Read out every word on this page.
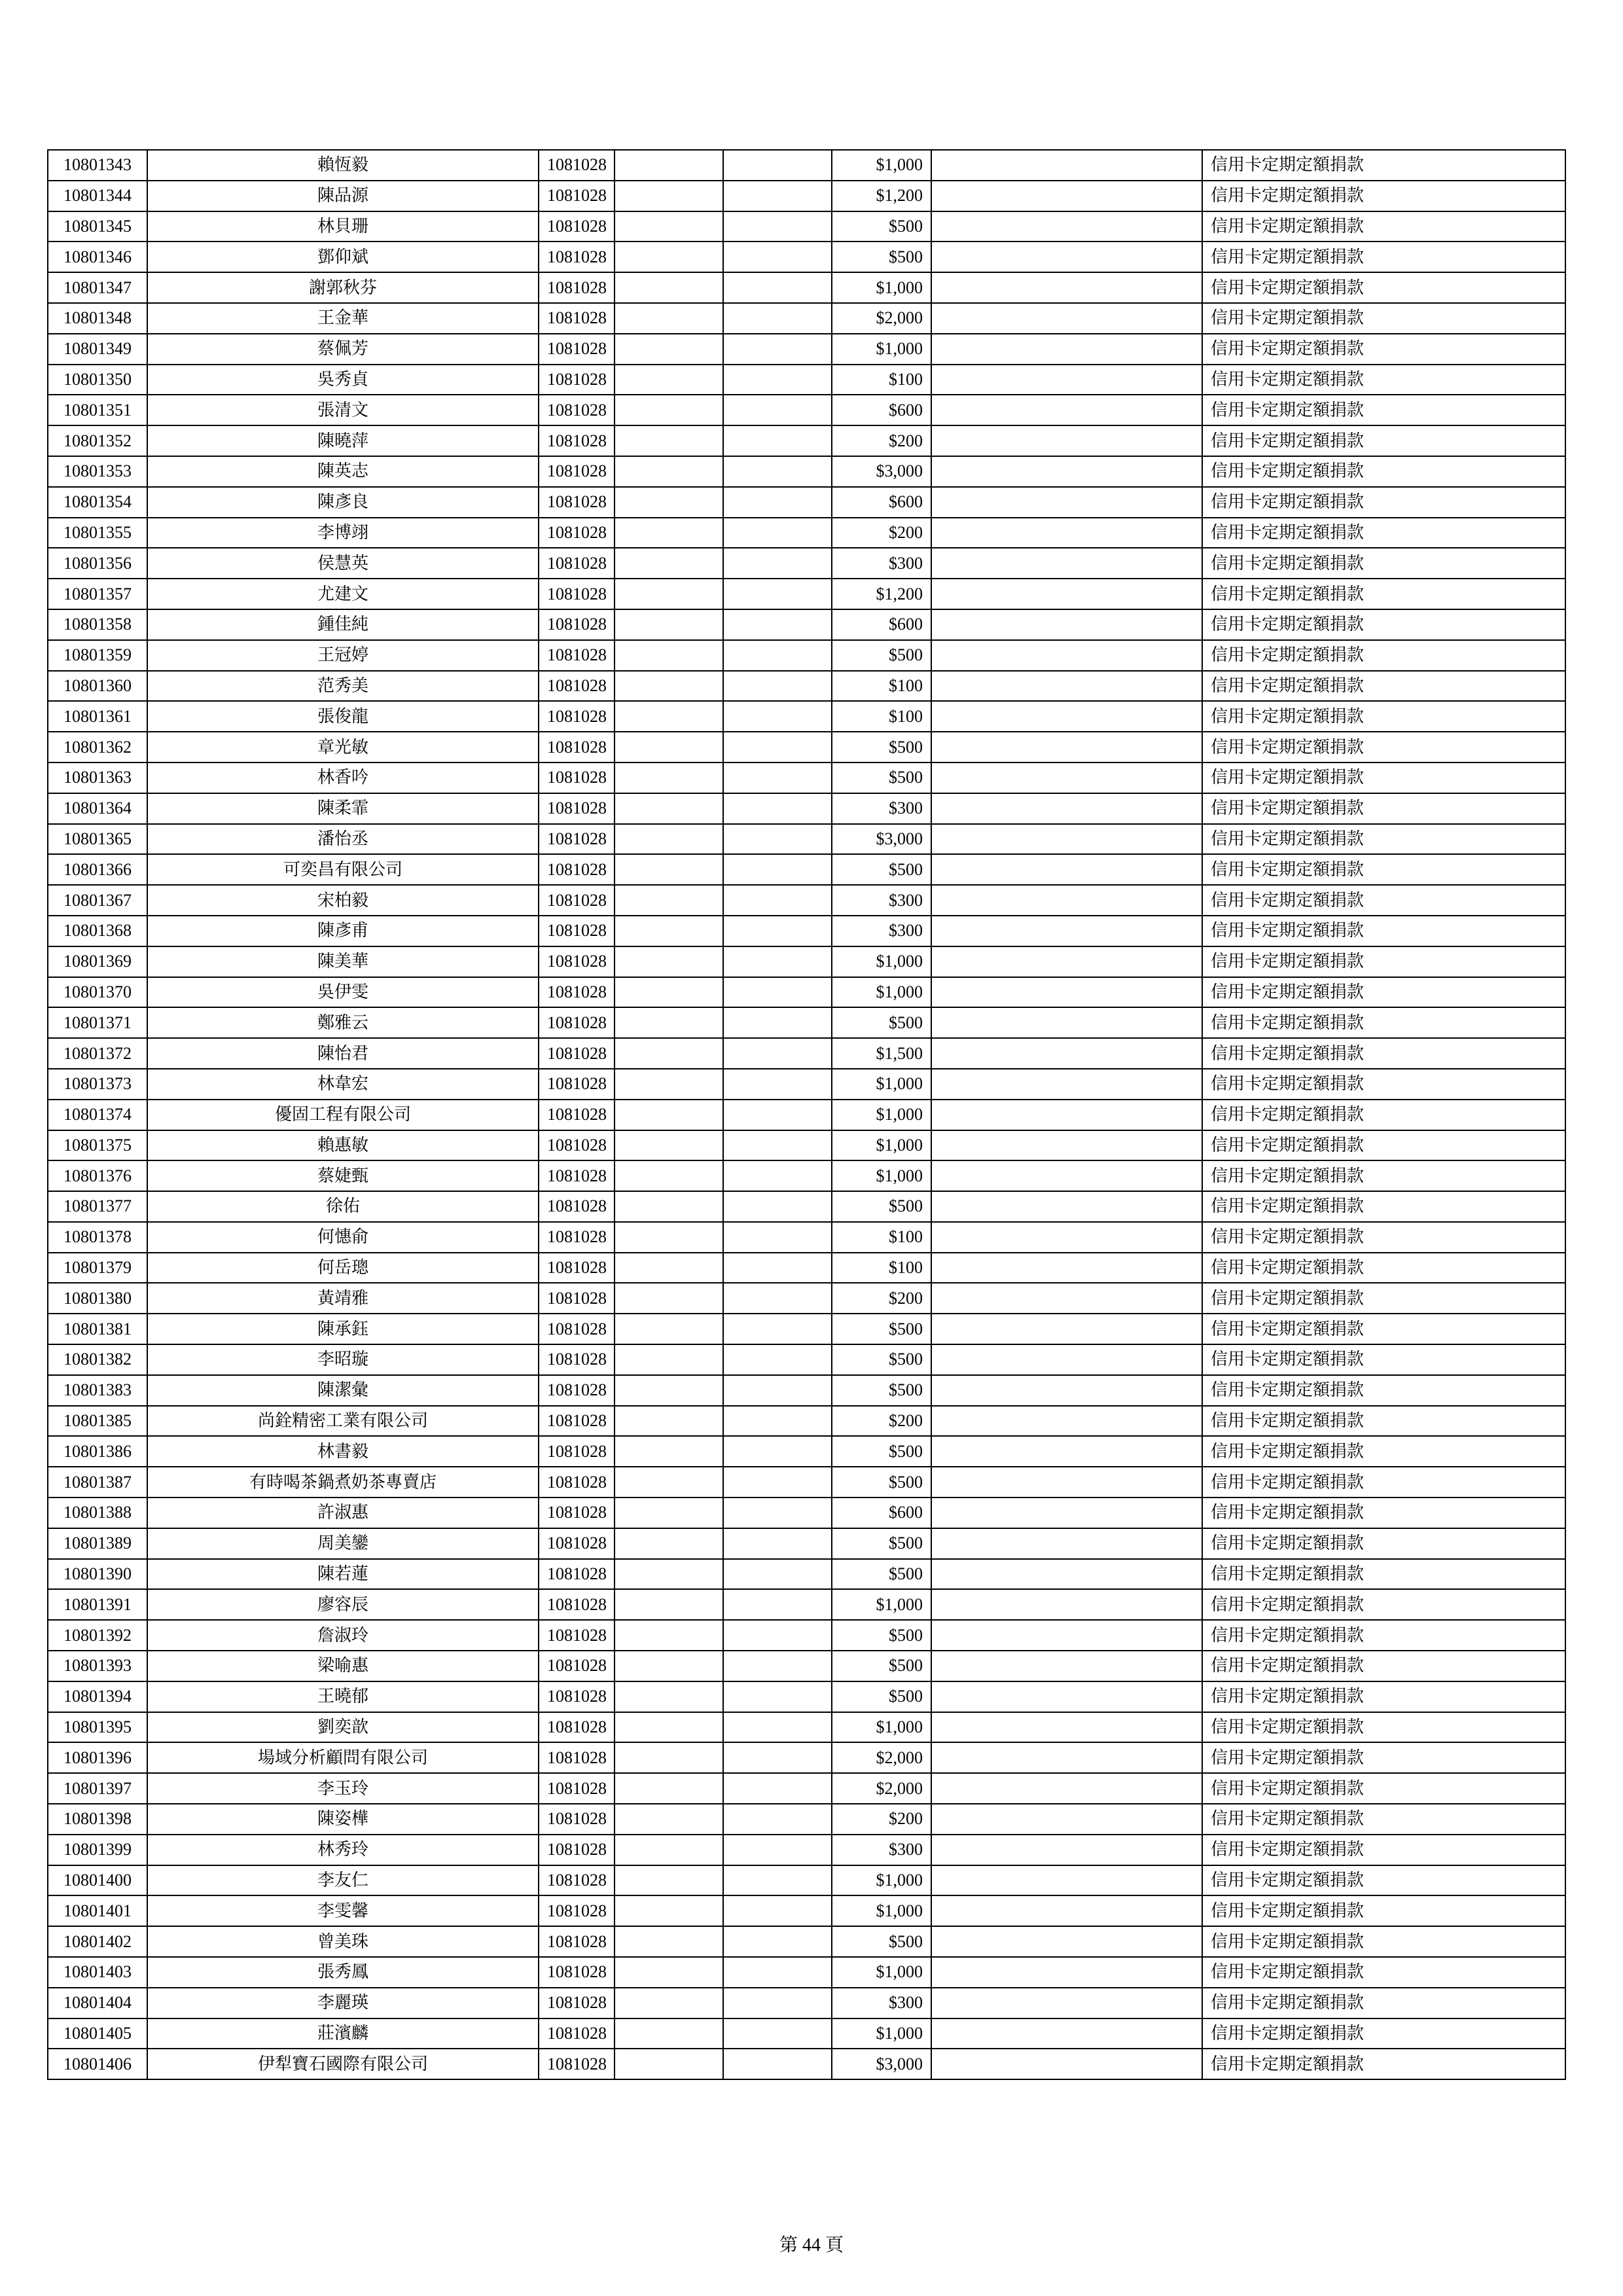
10801343	賴恆毅	1081028			$1,000		信用卡定期定額捐款
10801344	陳品源	1081028			$1,200		信用卡定期定額捐款
10801345	林貝珊	1081028			$500		信用卡定期定額捐款
10801346	鄧仰斌	1081028			$500		信用卡定期定額捐款
10801347	謝郭秋芬	1081028			$1,000		信用卡定期定額捐款
10801348	王金華	1081028			$2,000		信用卡定期定額捐款
10801349	蔡佩芳	1081028			$1,000		信用卡定期定額捐款
10801350	吳秀貞	1081028			$100		信用卡定期定額捐款
10801351	張清文	1081028			$600		信用卡定期定額捐款
10801352	陳曉萍	1081028			$200		信用卡定期定額捐款
10801353	陳英志	1081028			$3,000		信用卡定期定額捐款
10801354	陳彥良	1081028			$600		信用卡定期定額捐款
10801355	李博翊	1081028			$200		信用卡定期定額捐款
10801356	侯慧英	1081028			$300		信用卡定期定額捐款
10801357	尤建文	1081028			$1,200		信用卡定期定額捐款
10801358	鍾佳純	1081028			$600		信用卡定期定額捐款
10801359	王冠婷	1081028			$500		信用卡定期定額捐款
10801360	范秀美	1081028			$100		信用卡定期定額捐款
10801361	張俊龍	1081028			$100		信用卡定期定額捐款
10801362	章光敏	1081028			$500		信用卡定期定額捐款
10801363	林香吟	1081028			$500		信用卡定期定額捐款
10801364	陳柔霏	1081028			$300		信用卡定期定額捐款
10801365	潘怡丞	1081028			$3,000		信用卡定期定額捐款
10801366	可奕昌有限公司	1081028			$500		信用卡定期定額捐款
10801367	宋柏毅	1081028			$300		信用卡定期定額捐款
10801368	陳彥甫	1081028			$300		信用卡定期定額捐款
10801369	陳美華	1081028			$1,000		信用卡定期定額捐款
10801370	吳伊雯	1081028			$1,000		信用卡定期定額捐款
10801371	鄭雅云	1081028			$500		信用卡定期定額捐款
10801372	陳怡君	1081028			$1,500		信用卡定期定額捐款
10801373	林韋宏	1081028			$1,000		信用卡定期定額捐款
10801374	優固工程有限公司	1081028			$1,000		信用卡定期定額捐款
10801375	賴惠敏	1081028			$1,000		信用卡定期定額捐款
10801376	蔡婕甄	1081028			$1,000		信用卡定期定額捐款
10801377	徐佑	1081028			$500		信用卡定期定額捐款
10801378	何憓俞	1081028			$100		信用卡定期定額捐款
10801379	何岳璁	1081028			$100		信用卡定期定額捐款
10801380	黃靖雅	1081028			$200		信用卡定期定額捐款
10801381	陳承鈺	1081028			$500		信用卡定期定額捐款
10801382	李昭璇	1081028			$500		信用卡定期定額捐款
10801383	陳潔彙	1081028			$500		信用卡定期定額捐款
10801385	尚銓精密工業有限公司	1081028			$200		信用卡定期定額捐款
10801386	林書毅	1081028			$500		信用卡定期定額捐款
10801387	有時喝茶鍋煮奶茶專賣店	1081028			$500		信用卡定期定額捐款
10801388	許淑惠	1081028			$600		信用卡定期定額捐款
10801389	周美鑾	1081028			$500		信用卡定期定額捐款
10801390	陳若蓮	1081028			$500		信用卡定期定額捐款
10801391	廖容辰	1081028			$1,000		信用卡定期定額捐款
10801392	詹淑玲	1081028			$500		信用卡定期定額捐款
10801393	梁喻惠	1081028			$500		信用卡定期定額捐款
10801394	王曉郁	1081028			$500		信用卡定期定額捐款
10801395	劉奕歆	1081028			$1,000		信用卡定期定額捐款
10801396	場域分析顧問有限公司	1081028			$2,000		信用卡定期定額捐款
10801397	李玉玲	1081028			$2,000		信用卡定期定額捐款
10801398	陳姿樺	1081028			$200		信用卡定期定額捐款
10801399	林秀玲	1081028			$300		信用卡定期定額捐款
10801400	李友仁	1081028			$1,000		信用卡定期定額捐款
10801401	李雯馨	1081028			$1,000		信用卡定期定額捐款
10801402	曾美珠	1081028			$500		信用卡定期定額捐款
10801403	張秀鳳	1081028			$1,000		信用卡定期定額捐款
10801404	李麗瑛	1081028			$300		信用卡定期定額捐款
10801405	莊濱麟	1081028			$1,000		信用卡定期定額捐款
10801406	伊犁寶石國際有限公司	1081028			$3,000		信用卡定期定額捐款
第 44 頁
